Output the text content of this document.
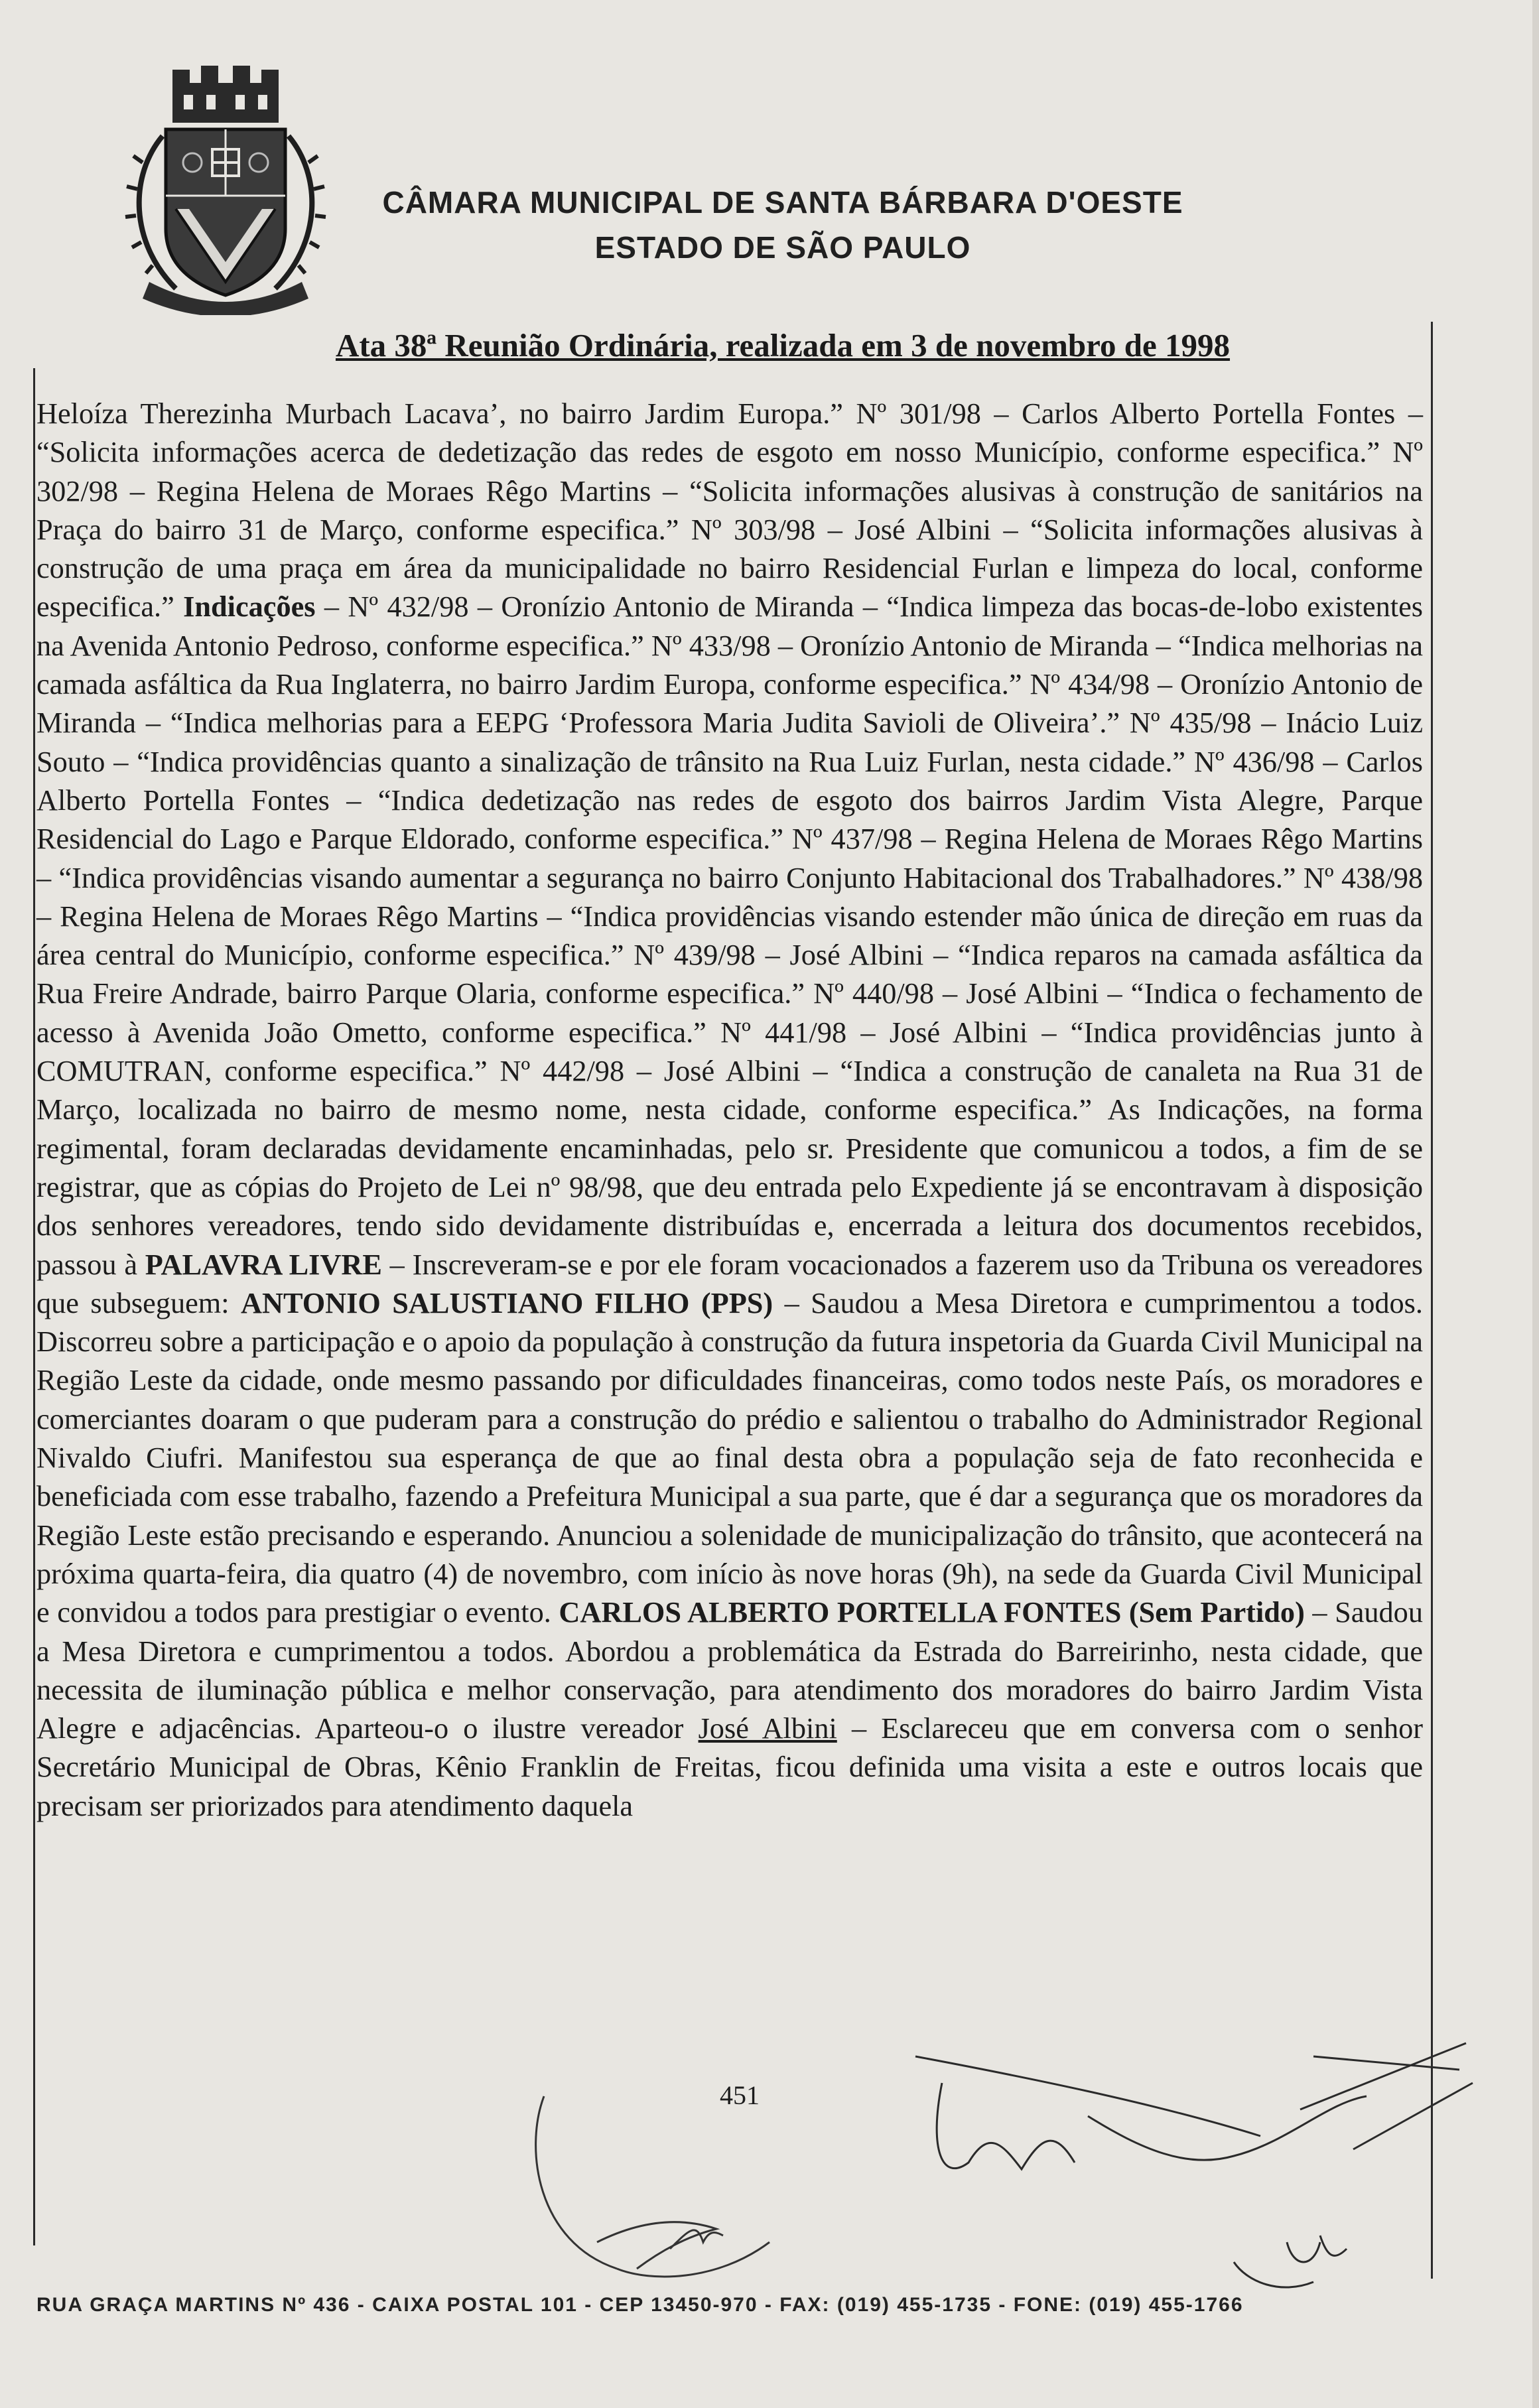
CÂMARA MUNICIPAL DE SANTA BÁRBARA D'OESTE
ESTADO DE SÃO PAULO
Ata 38ª Reunião Ordinária, realizada em 3 de novembro de 1998
Heloíza Therezinha Murbach Lacava’, no bairro Jardim Europa.” Nº 301/98 – Carlos Alberto Portella Fontes – “Solicita informações acerca de dedetização das redes de esgoto em nosso Município, conforme especifica.” Nº 302/98 – Regina Helena de Moraes Rêgo Martins – “Solicita informações alusivas à construção de sanitários na Praça do bairro 31 de Março, conforme especifica.” Nº 303/98 – José Albini – “Solicita informações alusivas à construção de uma praça em área da municipalidade no bairro Residencial Furlan e limpeza do local, conforme especifica.” Indicações – Nº 432/98 – Oronízio Antonio de Miranda – “Indica limpeza das bocas-de-lobo existentes na Avenida Antonio Pedroso, conforme especifica.” Nº 433/98 – Oronízio Antonio de Miranda – “Indica melhorias na camada asfáltica da Rua Inglaterra, no bairro Jardim Europa, conforme especifica.” Nº 434/98 – Oronízio Antonio de Miranda – “Indica melhorias para a EEPG ‘Professora Maria Judita Savioli de Oliveira’.” Nº 435/98 – Inácio Luiz Souto – “Indica providências quanto a sinalização de trânsito na Rua Luiz Furlan, nesta cidade.” Nº 436/98 – Carlos Alberto Portella Fontes – “Indica dedetização nas redes de esgoto dos bairros Jardim Vista Alegre, Parque Residencial do Lago e Parque Eldorado, conforme especifica.” Nº 437/98 – Regina Helena de Moraes Rêgo Martins – “Indica providências visando aumentar a segurança no bairro Conjunto Habitacional dos Trabalhadores.” Nº 438/98 – Regina Helena de Moraes Rêgo Martins – “Indica providências visando estender mão única de direção em ruas da área central do Município, conforme especifica.” Nº 439/98 – José Albini – “Indica reparos na camada asfáltica da Rua Freire Andrade, bairro Parque Olaria, conforme especifica.” Nº 440/98 – José Albini – “Indica o fechamento de acesso à Avenida João Ometto, conforme especifica.” Nº 441/98 – José Albini – “Indica providências junto à COMUTRAN, conforme especifica.” Nº 442/98 – José Albini – “Indica a construção de canaleta na Rua 31 de Março, localizada no bairro de mesmo nome, nesta cidade, conforme especifica.” As Indicações, na forma regimental, foram declaradas devidamente encaminhadas, pelo sr. Presidente que comunicou a todos, a fim de se registrar, que as cópias do Projeto de Lei nº 98/98, que deu entrada pelo Expediente já se encontravam à disposição dos senhores vereadores, tendo sido devidamente distribuídas e, encerrada a leitura dos documentos recebidos, passou à PALAVRA LIVRE – Inscreveram-se e por ele foram vocacionados a fazerem uso da Tribuna os vereadores que subseguem: ANTONIO SALUSTIANO FILHO (PPS) – Saudou a Mesa Diretora e cumprimentou a todos. Discorreu sobre a participação e o apoio da população à construção da futura inspetoria da Guarda Civil Municipal na Região Leste da cidade, onde mesmo passando por dificuldades financeiras, como todos neste País, os moradores e comerciantes doaram o que puderam para a construção do prédio e salientou o trabalho do Administrador Regional Nivaldo Ciufri. Manifestou sua esperança de que ao final desta obra a população seja de fato reconhecida e beneficiada com esse trabalho, fazendo a Prefeitura Municipal a sua parte, que é dar a segurança que os moradores da Região Leste estão precisando e esperando. Anunciou a solenidade de municipalização do trânsito, que acontecerá na próxima quarta-feira, dia quatro (4) de novembro, com início às nove horas (9h), na sede da Guarda Civil Municipal e convidou a todos para prestigiar o evento. CARLOS ALBERTO PORTELLA FONTES (Sem Partido) – Saudou a Mesa Diretora e cumprimentou a todos. Abordou a problemática da Estrada do Barreirinho, nesta cidade, que necessita de iluminação pública e melhor conservação, para atendimento dos moradores do bairro Jardim Vista Alegre e adjacências. Aparteou-o o ilustre vereador José Albini – Esclareceu que em conversa com o senhor Secretário Municipal de Obras, Kênio Franklin de Freitas, ficou definida uma visita a este e outros locais que precisam ser priorizados para atendimento daquela
451
RUA GRAÇA MARTINS Nº 436 - CAIXA POSTAL 101 - CEP 13450-970 - FAX: (019) 455-1735 - FONE: (019) 455-1766
